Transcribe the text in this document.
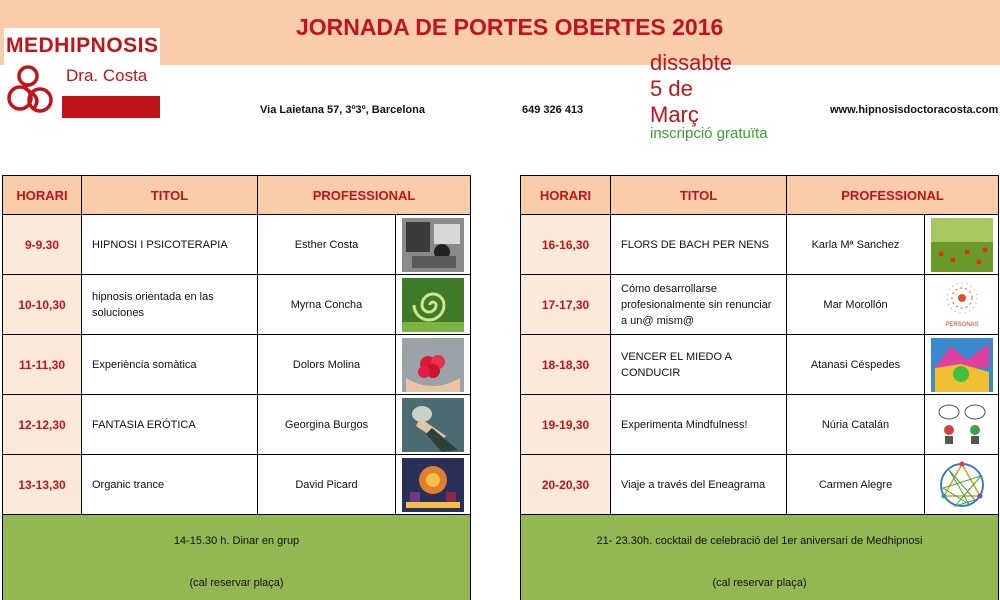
JORNADA DE PORTES OBERTES 2016
MEDHIPNOSIS
Dra. Costa
Via Laietana 57, 3º3º, Barcelona	649 326 413	www.hipnosisdoctoracosta.com
dissabte
5 de
Març
inscripció gratuïta
HORARI	TITOL	PROFESSIONAL	
9-9.30	HIPNOSI I PSICOTERAPIA	Esther Costa	

10-10,30	hipnosis orientada en las soluciones	Myrna Concha	

11-11,30	Experiència somàtica	Dolors Molina	

12-12,30	FANTASIA ERÓTICA	Georgina Burgos	

13-13,30	Organic trance	David Picard	

14-15.30 h. Dinar en grup
(cal reservar plaça)			
HORARI	TITOL	PROFESSIONAL	
16-16,30	FLORS DE BACH PER NENS	Karla Mª Sanchez	

17-17,30	Cómo desarrollarse profesionalmente sin renunciar a un@ mism@	Mar Morollón	PERSONAS

18-18,30	VENCER EL MIEDO A CONDUCIR	Atanasi Céspedes	

19-19,30	Experimenta Mindfulness!	Núria Catalán	

20-20,30	Viaje a través del Eneagrama	Carmen Alegre	

21- 23.30h. cocktail de celebració del 1er aniversari de Medhipnosi
(cal reservar plaça)			
